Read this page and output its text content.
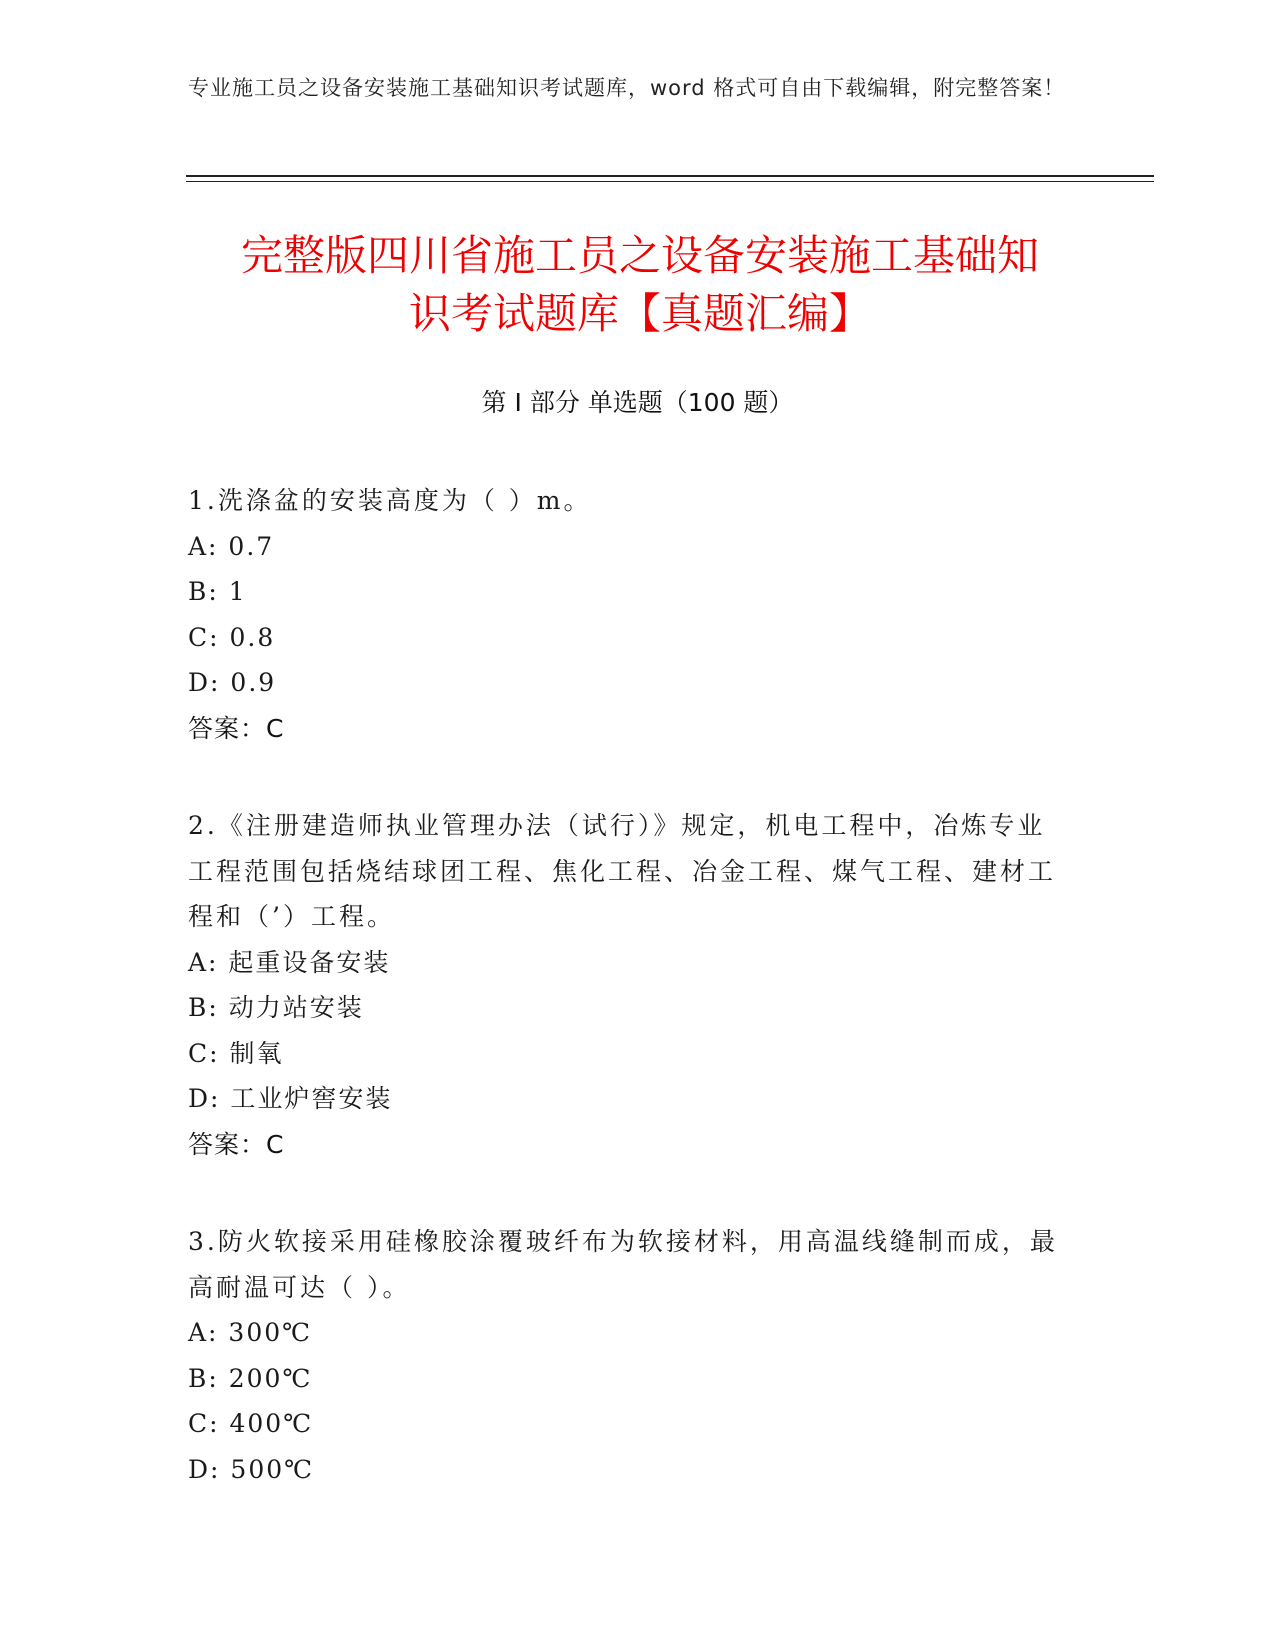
专业施工员之设备安装施工基础知识考试题库，word 格式可自由下载编辑，附完整答案！
完整版四川省施工员之设备安装施工基础知
识考试题库【真题汇编】
第 I 部分 单选题（100 题）
1.洗涤盆的安装高度为（ ）m。
A: 0.7
B: 1
C: 0.8
D: 0.9
答案：C
2.《注册建造师执业管理办法（试行）》规定，机电工程中，冶炼专业工程范围包括烧结球团工程、焦化工程、冶金工程、煤气工程、建材工程和（’）工程。
A: 起重设备安装
B: 动力站安装
C: 制氧
D: 工业炉窖安装
答案：C
3.防火软接采用硅橡胶涂覆玻纤布为软接材料，用高温线缝制而成，最高耐温可达（ ）。
A: 300℃
B: 200℃
C: 400℃
D: 500℃
